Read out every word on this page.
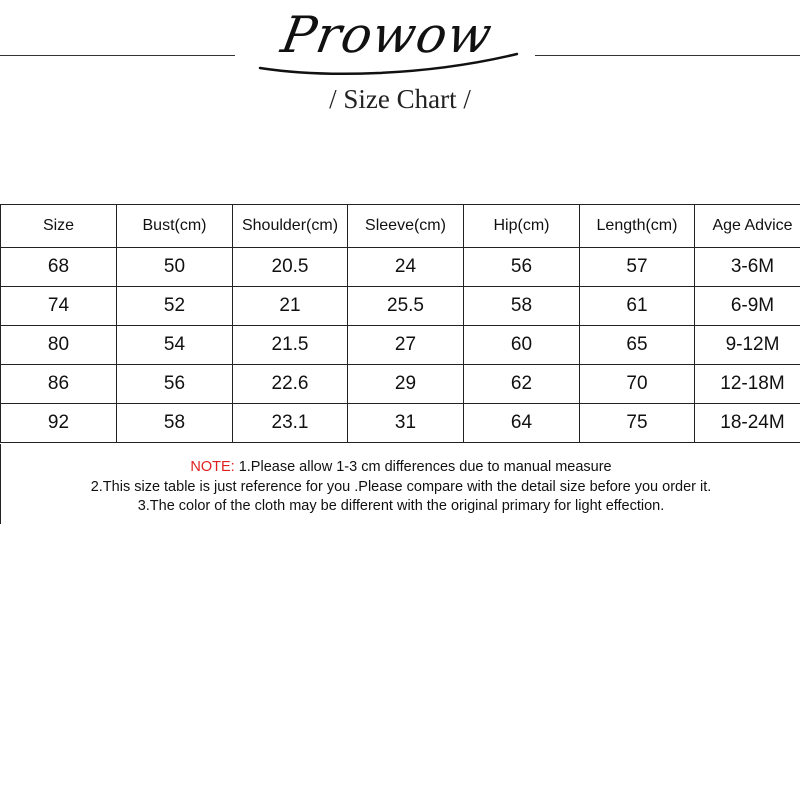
Prowow
/ Size Chart /
Size	Bust(cm)	Shoulder(cm)	Sleeve(cm)	Hip(cm)	Length(cm)	Age Advice
68	50	20.5	24	56	57	3-6M
74	52	21	25.5	58	61	6-9M
80	54	21.5	27	60	65	9-12M
86	56	22.6	29	62	70	12-18M
92	58	23.1	31	64	75	18-24M
NOTE: 1.Please allow 1-3 cm differences due to manual measure
2.This size table is just reference for you .Please compare with the detail size before you order it.
3.The color of the cloth may be different with the original primary for light effection.
